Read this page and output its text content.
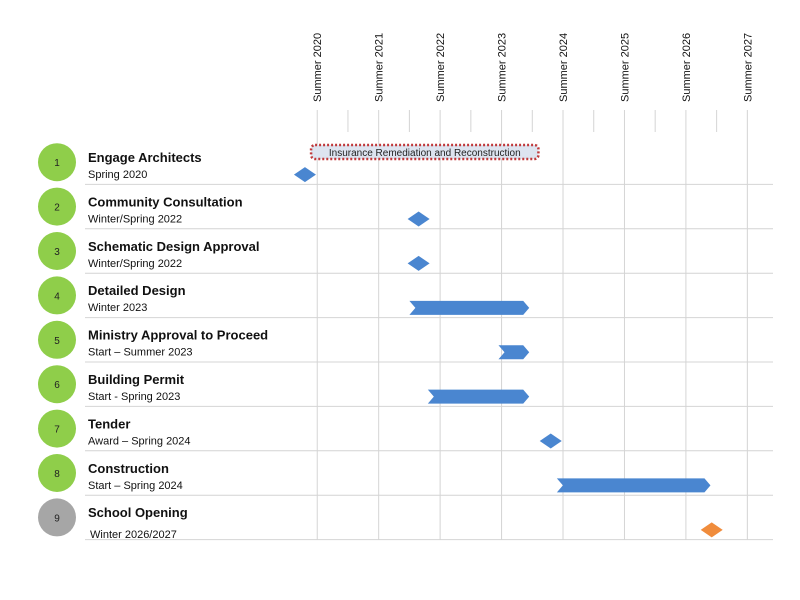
Summer 2020	Summer 2021	Summer 2022	Summer 2023	Summer 2024	Summer 2025	Summer 2026	Summer 2027
1 Engage Architects
Spring 2020
2 Community Consultation
Winter/Spring 2022
3 Schematic Design Approval
Winter/Spring 2022
4 Detailed Design
Winter 2023
5 Ministry Approval to Proceed
Start – Summer 2023
6 Building Permit
Start - Spring 2023
7 Tender
Award – Spring 2024
8 Construction
Start – Spring 2024
9 School Opening
Winter 2026/2027
Insurance Remediation and Reconstruction
